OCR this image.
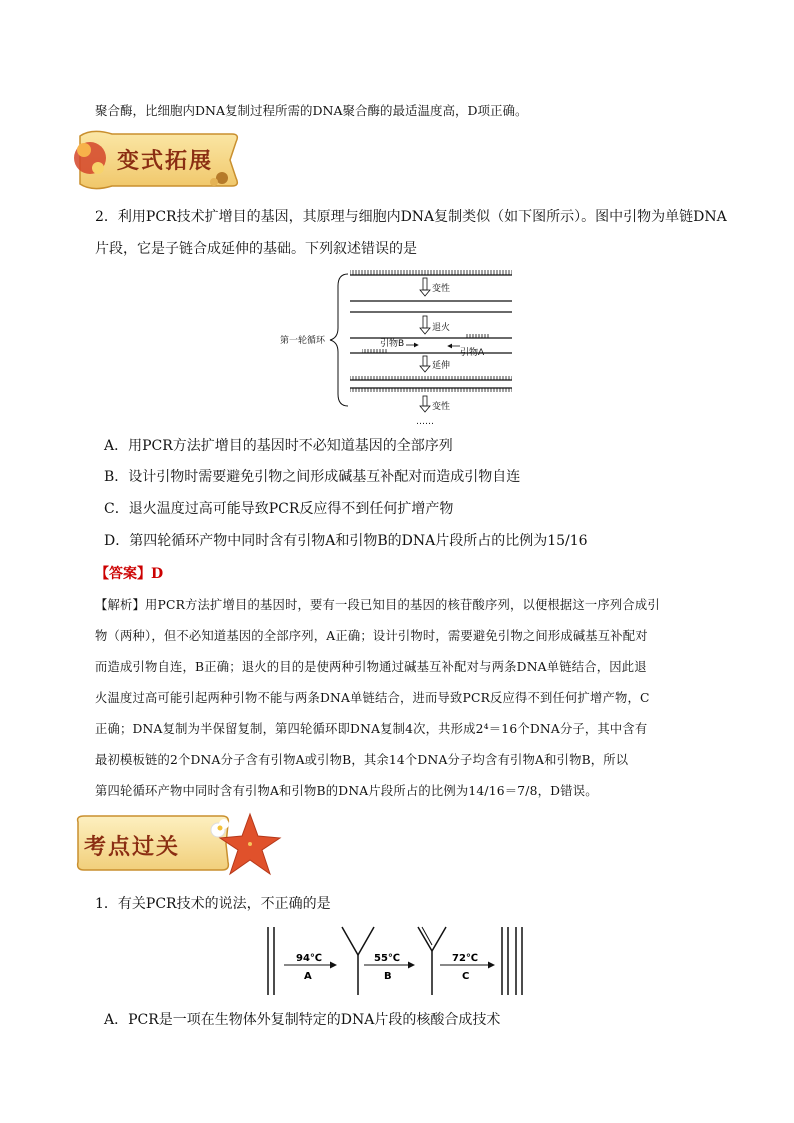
聚合酶，比细胞内DNA复制过程所需的DNA聚合酶的最适温度高，D项正确。
变式拓展
2．利用PCR技术扩增目的基因，其原理与细胞内DNA复制类似（如下图所示）。图中引物为单链DNA
片段，它是子链合成延伸的基础。下列叙述错误的是
第一轮循环
变性
退火
引物A
引物B
延伸
变性
……
A．用PCR方法扩增目的基因时不必知道基因的全部序列
B．设计引物时需要避免引物之间形成碱基互补配对而造成引物自连
C．退火温度过高可能导致PCR反应得不到任何扩增产物
D．第四轮循环产物中同时含有引物A和引物B的DNA片段所占的比例为15/16
【答案】D
【解析】用PCR方法扩增目的基因时，要有一段已知目的基因的核苷酸序列，以便根据这一序列合成引
物（两种），但不必知道基因的全部序列，A正确；设计引物时，需要避免引物之间形成碱基互补配对
而造成引物自连，B正确；退火的目的是使两种引物通过碱基互补配对与两条DNA单链结合，因此退
火温度过高可能引起两种引物不能与两条DNA单链结合，进而导致PCR反应得不到任何扩增产物，C
正确；DNA复制为半保留复制，第四轮循环即DNA复制4次，共形成2⁴＝16个DNA分子，其中含有
最初模板链的2个DNA分子含有引物A或引物B，其余14个DNA分子均含有引物A和引物B，所以
第四轮循环产物中同时含有引物A和引物B的DNA片段所占的比例为14/16＝7/8，D错误。
考点过关
1．有关PCR技术的说法，不正确的是
94℃
A
55℃
B
72℃
C
A．PCR是一项在生物体外复制特定的DNA片段的核酸合成技术
